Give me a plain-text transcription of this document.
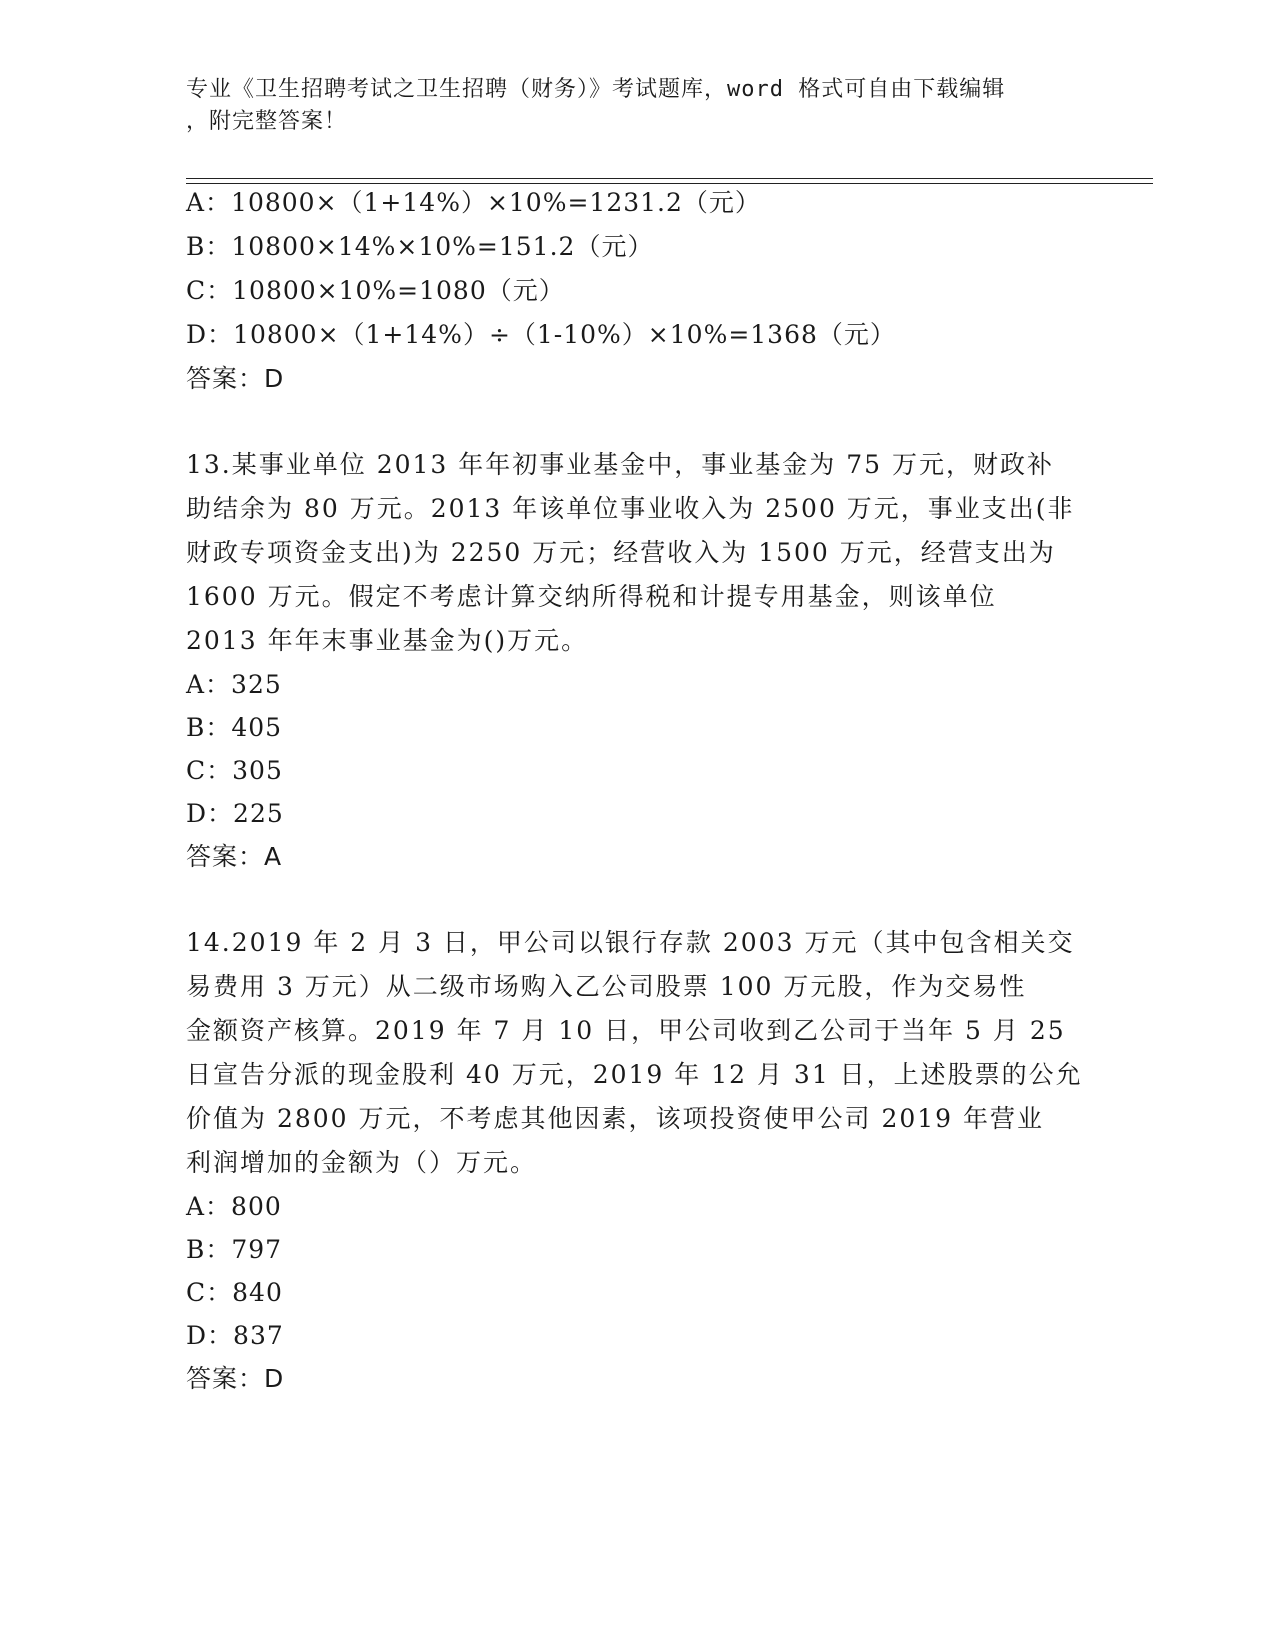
专业《卫生招聘考试之卫生招聘（财务）》考试题库，word 格式可自由下载编辑
，附完整答案！
A：10800×（1+14%）×10%=1231.2（元）
B：10800×14%×10%=151.2（元）
C：10800×10%=1080（元）
D：10800×（1+14%）÷（1-10%）×10%=1368（元）
答案：D
13.某事业单位 2013 年年初事业基金中，事业基金为 75 万元，财政补
助结余为 80 万元。2013 年该单位事业收入为 2500 万元，事业支出(非
财政专项资金支出)为 2250 万元；经营收入为 1500 万元，经营支出为
1600 万元。假定不考虑计算交纳所得税和计提专用基金，则该单位
2013 年年末事业基金为()万元。
A：325
B：405
C：305
D：225
答案：A
14.2019 年 2 月 3 日，甲公司以银行存款 2003 万元（其中包含相关交
易费用 3 万元）从二级市场购入乙公司股票 100 万元股，作为交易性
金额资产核算。2019 年 7 月 10 日，甲公司收到乙公司于当年 5 月 25
日宣告分派的现金股利 40 万元，2019 年 12 月 31 日，上述股票的公允
价值为 2800 万元，不考虑其他因素，该项投资使甲公司 2019 年营业
利润增加的金额为（）万元。
A：800
B：797
C：840
D：837
答案：D
